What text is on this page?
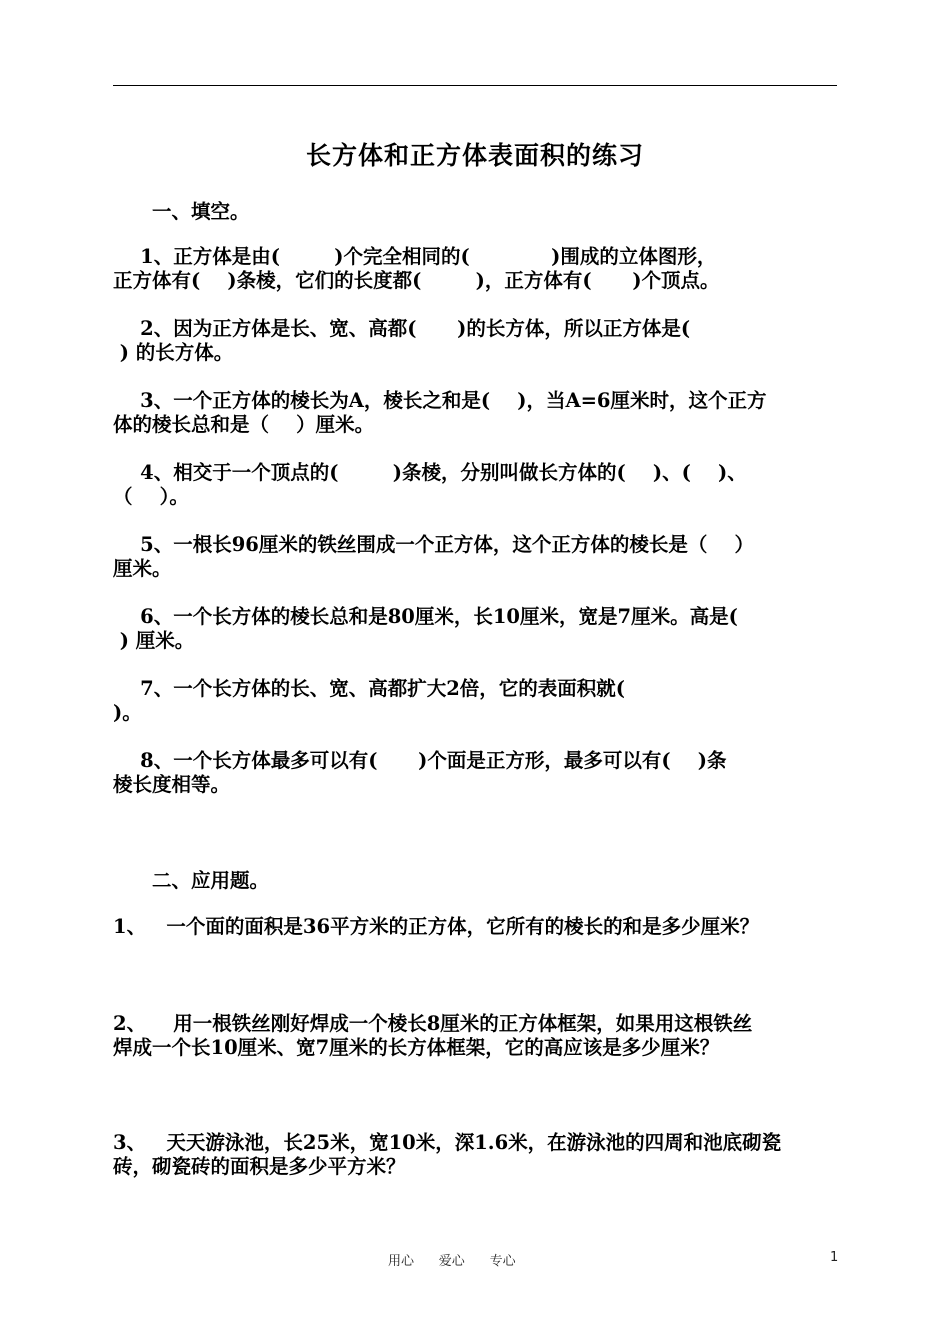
长方体和正方体表面积的练习
一、填空。
1、正方体是由(        )个完全相同的(            )围成的立体图形，
正方体有(    )条棱，它们的长度都(        )，正方体有(      )个顶点。
2、因为正方体是长、宽、高都(      )的长方体，所以正方体是(
) 的长方体。
3、一个正方体的棱长为A，棱长之和是(    )，当A=6厘米时，这个正方
体的棱长总和是（    ）厘米。
4、相交于一个顶点的(        )条棱，分别叫做长方体的(    )、(    )、
（    ）。
5、一根长96厘米的铁丝围成一个正方体，这个正方体的棱长是（    ）
厘米。
6、一个长方体的棱长总和是80厘米，长10厘米，宽是7厘米。高是(
) 厘米。
7、一个长方体的长、宽、高都扩大2倍，它的表面积就(
)。
8、一个长方体最多可以有(      )个面是正方形，最多可以有(    )条
棱长度相等。
二、应用题。
1、   一个面的面积是36平方米的正方体，它所有的棱长的和是多少厘米？
2、    用一根铁丝刚好焊成一个棱长8厘米的正方体框架，如果用这根铁丝
焊成一个长10厘米、宽7厘米的长方体框架，它的高应该是多少厘米？
3、   天天游泳池，长25米，宽10米，深1.6米，在游泳池的四周和池底砌瓷
砖，砌瓷砖的面积是多少平方米？
用心      爱心      专心	1
